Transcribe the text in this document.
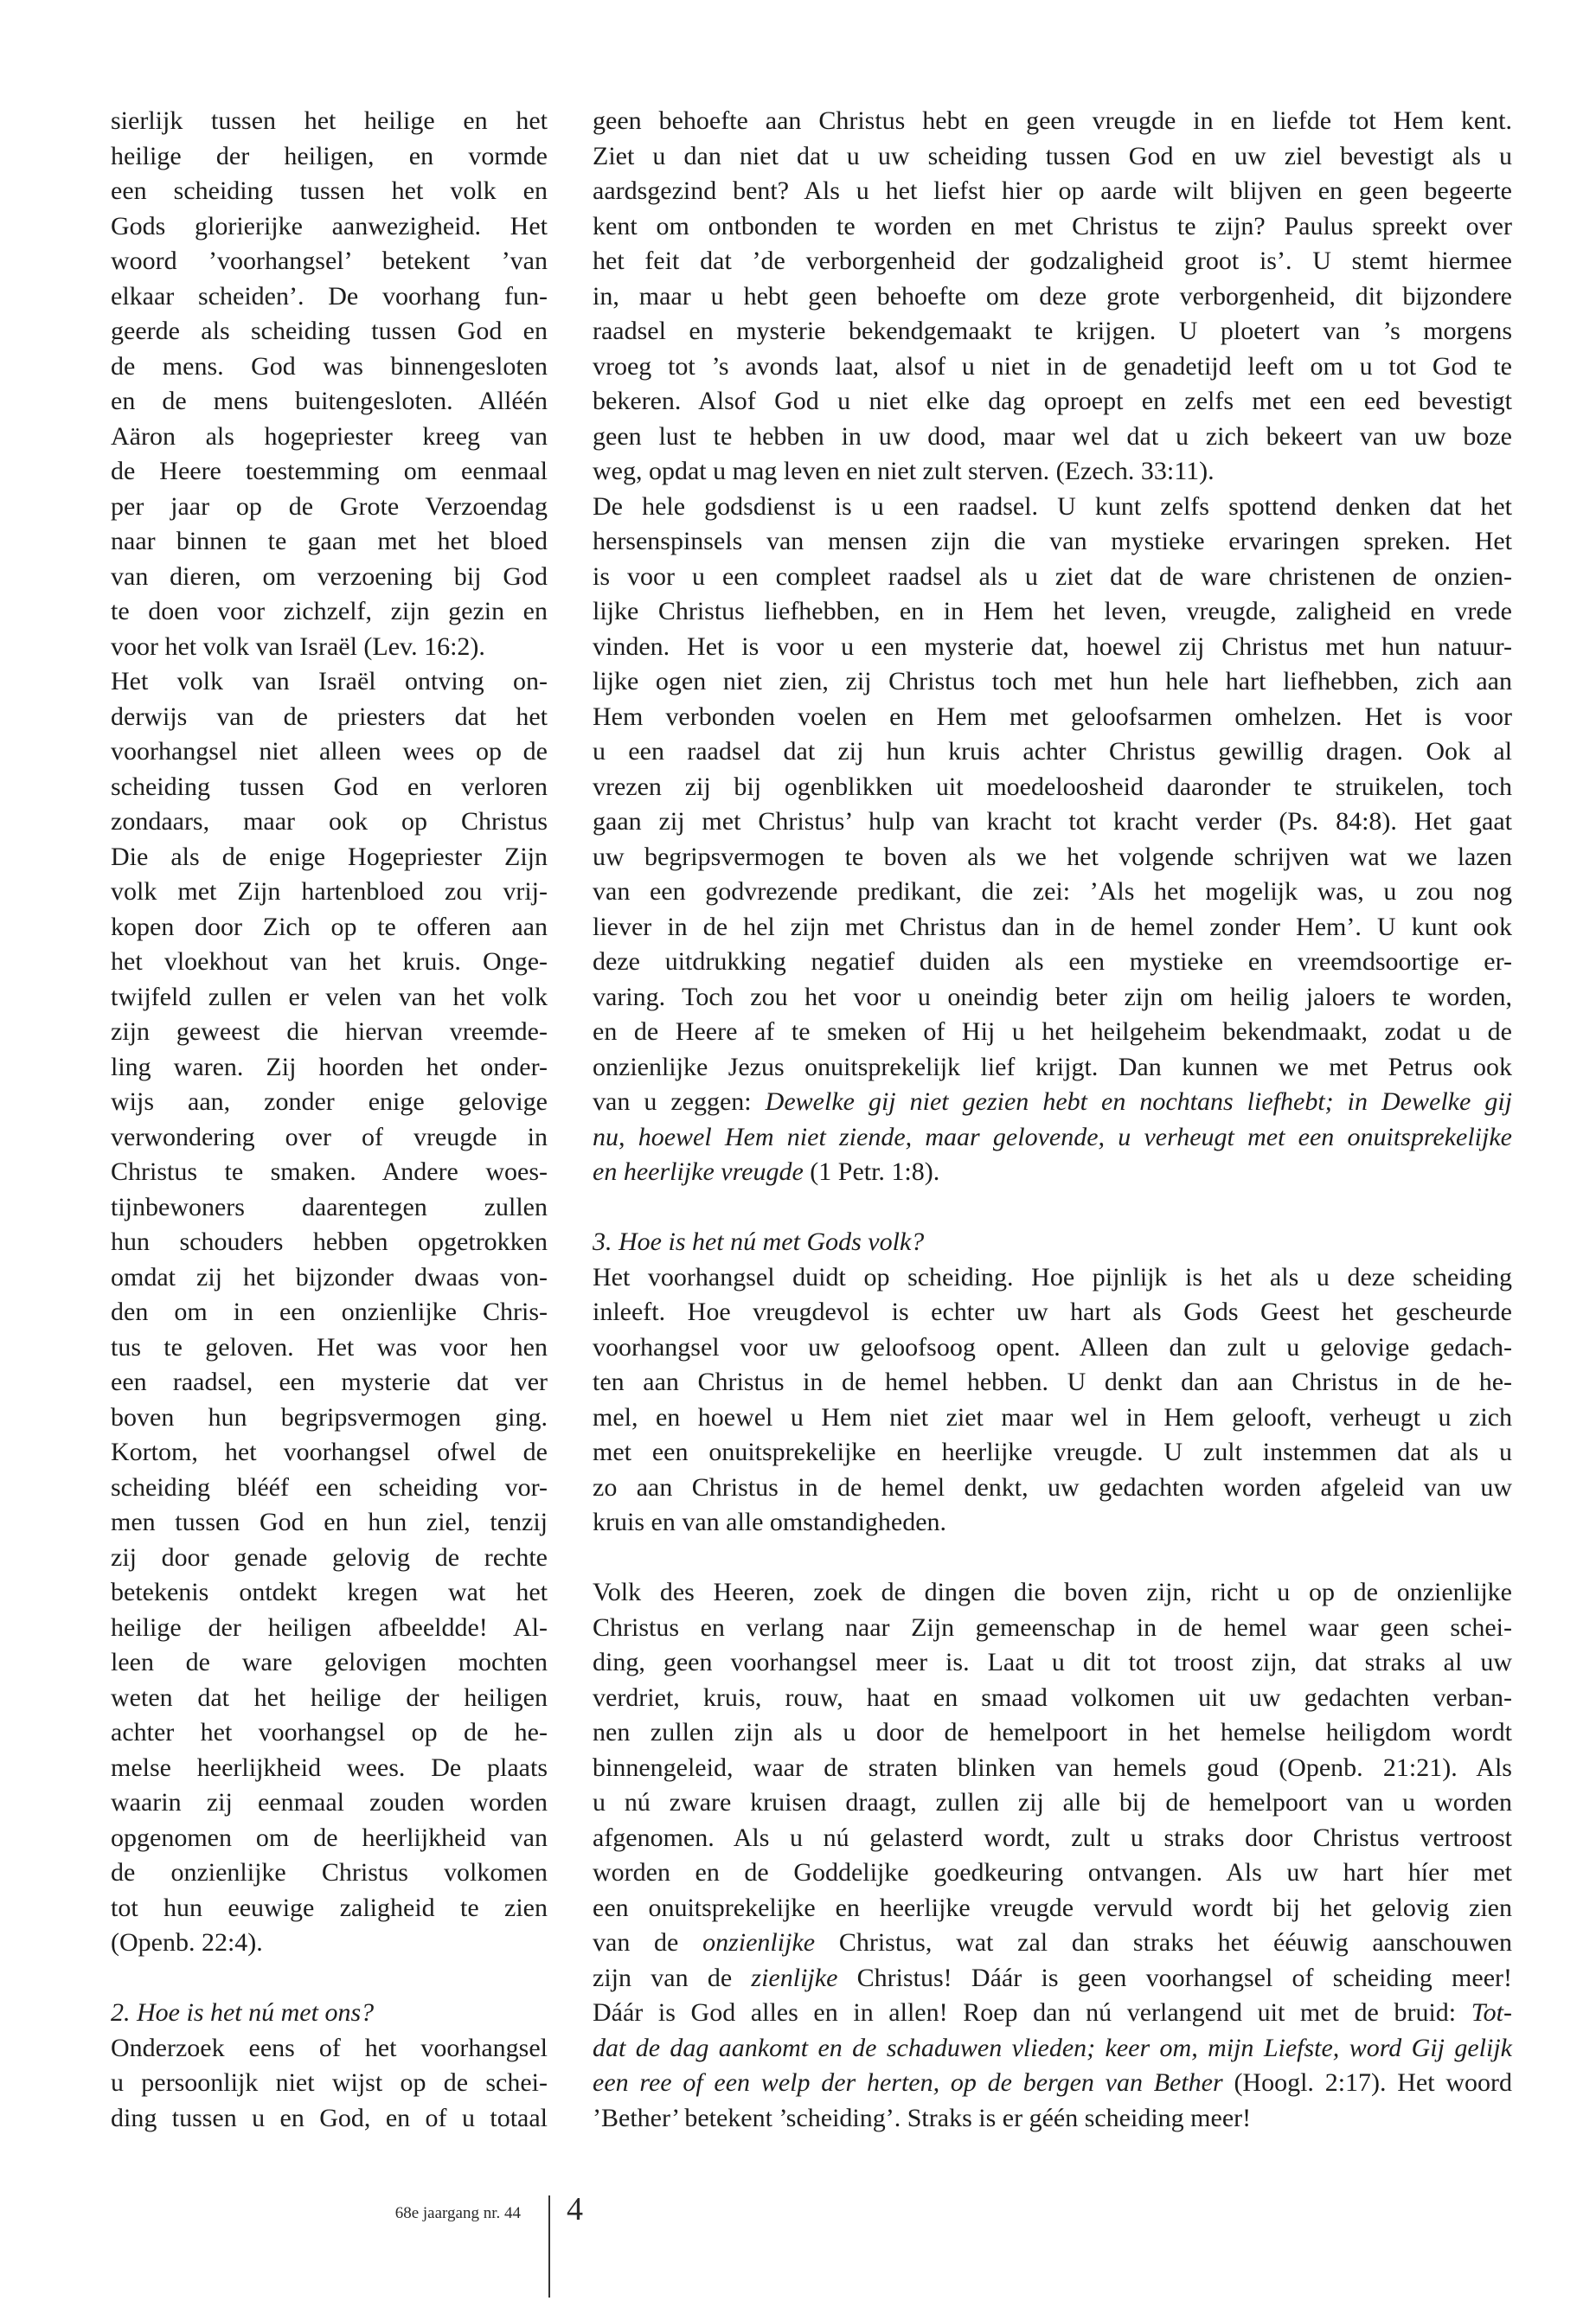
sierlijk tussen het heilige en het
heilige der heiligen, en vormde
een scheiding tussen het volk en
Gods glorierijke aanwezigheid. Het
woord ’voorhangsel’ betekent ’van
elkaar scheiden’. De voorhang fun-
geerde als scheiding tussen God en
de mens. God was binnengesloten
en de mens buitengesloten. Alléén
Aäron als hogepriester kreeg van
de Heere toestemming om eenmaal
per jaar op de Grote Verzoendag
naar binnen te gaan met het bloed
van dieren, om verzoening bij God
te doen voor zichzelf, zijn gezin en
voor het volk van Israël (Lev. 16:2).
Het volk van Israël ontving on-
derwijs van de priesters dat het
voorhangsel niet alleen wees op de
scheiding tussen God en verloren
zondaars, maar ook op Christus
Die als de enige Hogepriester Zijn
volk met Zijn hartenbloed zou vrij-
kopen door Zich op te offeren aan
het vloekhout van het kruis. Onge-
twijfeld zullen er velen van het volk
zijn geweest die hiervan vreemde-
ling waren. Zij hoorden het onder-
wijs aan, zonder enige gelovige
verwondering over of vreugde in
Christus te smaken. Andere woes-
tijnbewoners daarentegen zullen
hun schouders hebben opgetrokken
omdat zij het bijzonder dwaas von-
den om in een onzienlijke Chris-
tus te geloven. Het was voor hen
een raadsel, een mysterie dat ver
boven hun begripsvermogen ging.
Kortom, het voorhangsel ofwel de
scheiding blééf een scheiding vor-
men tussen God en hun ziel, tenzij
zij door genade gelovig de rechte
betekenis ontdekt kregen wat het
heilige der heiligen afbeeldde! Al-
leen de ware gelovigen mochten
weten dat het heilige der heiligen
achter het voorhangsel op de he-
melse heerlijkheid wees. De plaats
waarin zij eenmaal zouden worden
opgenomen om de heerlijkheid van
de onzienlijke Christus volkomen
tot hun eeuwige zaligheid te zien
(Openb. 22:4).
2. Hoe is het nú met ons?
Onderzoek eens of het voorhangsel
u persoonlijk niet wijst op de schei-
ding tussen u en God, en of u totaal
geen behoefte aan Christus hebt en geen vreugde in en liefde tot Hem kent.
Ziet u dan niet dat u uw scheiding tussen God en uw ziel bevestigt als u
aardsgezind bent? Als u het liefst hier op aarde wilt blijven en geen begeerte
kent om ontbonden te worden en met Christus te zijn? Paulus spreekt over
het feit dat ’de verborgenheid der godzaligheid groot is’. U stemt hiermee
in, maar u hebt geen behoefte om deze grote verborgenheid, dit bijzondere
raadsel en mysterie bekendgemaakt te krijgen. U ploetert van ’s morgens
vroeg tot ’s avonds laat, alsof u niet in de genadetijd leeft om u tot God te
bekeren. Alsof God u niet elke dag oproept en zelfs met een eed bevestigt
geen lust te hebben in uw dood, maar wel dat u zich bekeert van uw boze
weg, opdat u mag leven en niet zult sterven. (Ezech. 33:11).
De hele godsdienst is u een raadsel. U kunt zelfs spottend denken dat het
hersenspinsels van mensen zijn die van mystieke ervaringen spreken. Het
is voor u een compleet raadsel als u ziet dat de ware christenen de onzien-
lijke Christus liefhebben, en in Hem het leven, vreugde, zaligheid en vrede
vinden. Het is voor u een mysterie dat, hoewel zij Christus met hun natuur-
lijke ogen niet zien, zij Christus toch met hun hele hart liefhebben, zich aan
Hem verbonden voelen en Hem met geloofsarmen omhelzen. Het is voor
u een raadsel dat zij hun kruis achter Christus gewillig dragen. Ook al
vrezen zij bij ogenblikken uit moedeloosheid daaronder te struikelen, toch
gaan zij met Christus’ hulp van kracht tot kracht verder (Ps. 84:8). Het gaat
uw begripsvermogen te boven als we het volgende schrijven wat we lazen
van een godvrezende predikant, die zei: ’Als het mogelijk was, u zou nog
liever in de hel zijn met Christus dan in de hemel zonder Hem’. U kunt ook
deze uitdrukking negatief duiden als een mystieke en vreemdsoortige er-
varing. Toch zou het voor u oneindig beter zijn om heilig jaloers te worden,
en de Heere af te smeken of Hij u het heilgeheim bekendmaakt, zodat u de
onzienlijke Jezus onuitsprekelijk lief krijgt. Dan kunnen we met Petrus ook
van u zeggen: Dewelke gij niet gezien hebt en nochtans liefhebt; in Dewelke gij
nu, hoewel Hem niet ziende, maar gelovende, u verheugt met een onuitsprekelijke
en heerlijke vreugde (1 Petr. 1:8).
3. Hoe is het nú met Gods volk?
Het voorhangsel duidt op scheiding. Hoe pijnlijk is het als u deze scheiding
inleeft. Hoe vreugdevol is echter uw hart als Gods Geest het gescheurde
voorhangsel voor uw geloofsoog opent. Alleen dan zult u gelovige gedach-
ten aan Christus in de hemel hebben. U denkt dan aan Christus in de he-
mel, en hoewel u Hem niet ziet maar wel in Hem gelooft, verheugt u zich
met een onuitsprekelijke en heerlijke vreugde. U zult instemmen dat als u
zo aan Christus in de hemel denkt, uw gedachten worden afgeleid van uw
kruis en van alle omstandigheden.
Volk des Heeren, zoek de dingen die boven zijn, richt u op de onzienlijke
Christus en verlang naar Zijn gemeenschap in de hemel waar geen schei-
ding, geen voorhangsel meer is. Laat u dit tot troost zijn, dat straks al uw
verdriet, kruis, rouw, haat en smaad volkomen uit uw gedachten verban-
nen zullen zijn als u door de hemelpoort in het hemelse heiligdom wordt
binnengeleid, waar de straten blinken van hemels goud (Openb. 21:21). Als
u nú zware kruisen draagt, zullen zij alle bij de hemelpoort van u worden
afgenomen. Als u nú gelasterd wordt, zult u straks door Christus vertroost
worden en de Goddelijke goedkeuring ontvangen. Als uw hart híer met
een onuitsprekelijke en heerlijke vreugde vervuld wordt bij het gelovig zien
van de onzienlijke Christus, wat zal dan straks het ééuwig aanschouwen
zijn van de zienlijke Christus! Dáár is geen voorhangsel of scheiding meer!
Dáár is God alles en in allen! Roep dan nú verlangend uit met de bruid: Tot-
dat de dag aankomt en de schaduwen vlieden; keer om, mijn Liefste, word Gij gelijk
een ree of een welp der herten, op de bergen van Bether (Hoogl. 2:17). Het woord
’Bether’ betekent ’scheiding’. Straks is er géén scheiding meer!
68e jaargang nr. 44 4
